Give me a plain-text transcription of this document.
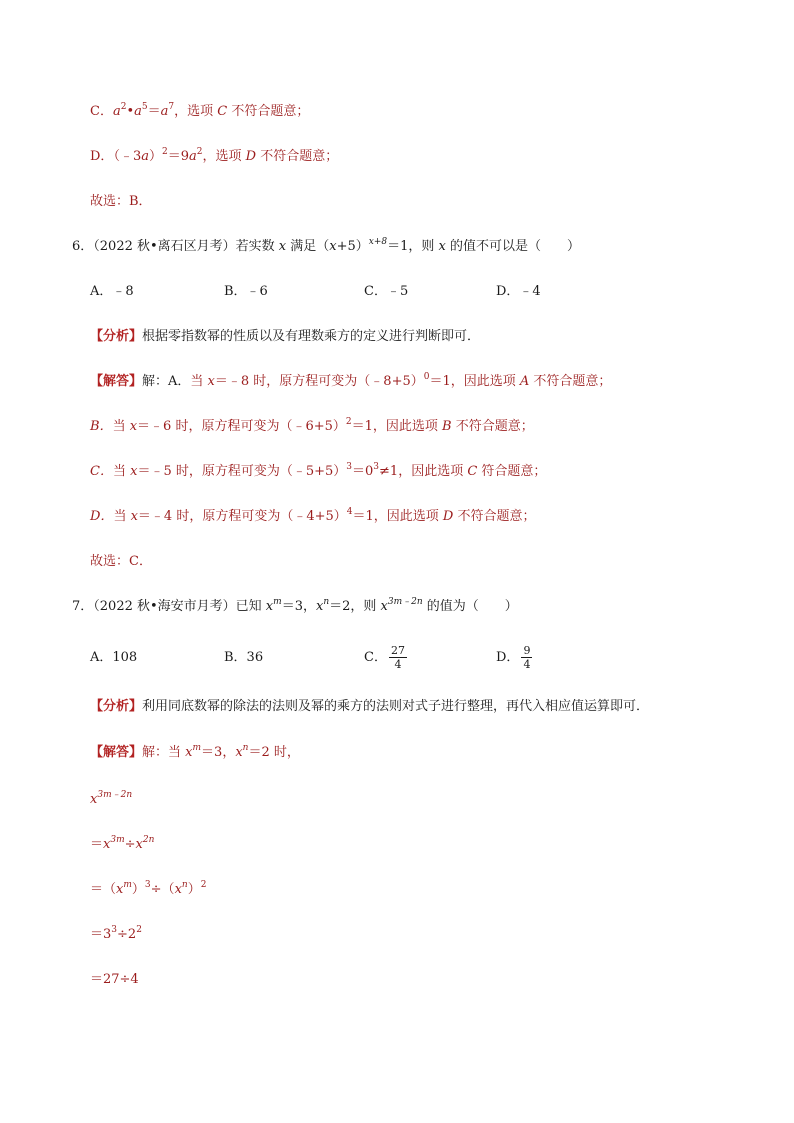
C．$a^2•a^5=a^7$，选项 C 不符合题意；
D．$(﹣3a)^2=9a^2$，选项 D 不符合题意；
故选：B．
6．（2022 秋•离石区月考）若实数 x 满足$(x+5)^{x+8}=1$，则 x 的值不可以是（　　）
A．﹣8	B．﹣6	C．﹣5	D．﹣4
【分析】根据零指数幂的性质以及有理数乘方的定义进行判断即可．
【解答】解：A．当 x＝﹣8 时，原方程可变为（﹣8+5）$^0$＝1，因此选项 A 不符合题意；
B．当 x＝﹣6 时，原方程可变为（﹣6+5）$^2$＝1，因此选项 B 不符合题意；
C．当 x＝﹣5 时，原方程可变为$(﹣5+5)^3=0^3\ne 1$，因此选项 C 符合题意；
D．当 x＝﹣4 时，原方程可变为（﹣4+5）$^4$＝1，因此选项 D 不符合题意；
故选：C．
7．（2022 秋•海安市月考）已知 $x^m=3$，$x^n=2$，则 $x^{3m﹣2n}$ 的值为（　　）
A．108	B．36	C． $\frac{27}{4}$	D． $\frac{9}{4}$
【分析】利用同底数幂的除法的法则及幂的乘方的法则对式子进行整理，再代入相应值运算即可．
【解答】解：当 $x^m=3$，$x^n=2$ 时，
$x^{3m﹣2n}$
$=x^{3m}\div x^{2n}$
$=(x^m)^3\div(x^n)^2$
$=3^3\div 2^2$
＝27÷4
